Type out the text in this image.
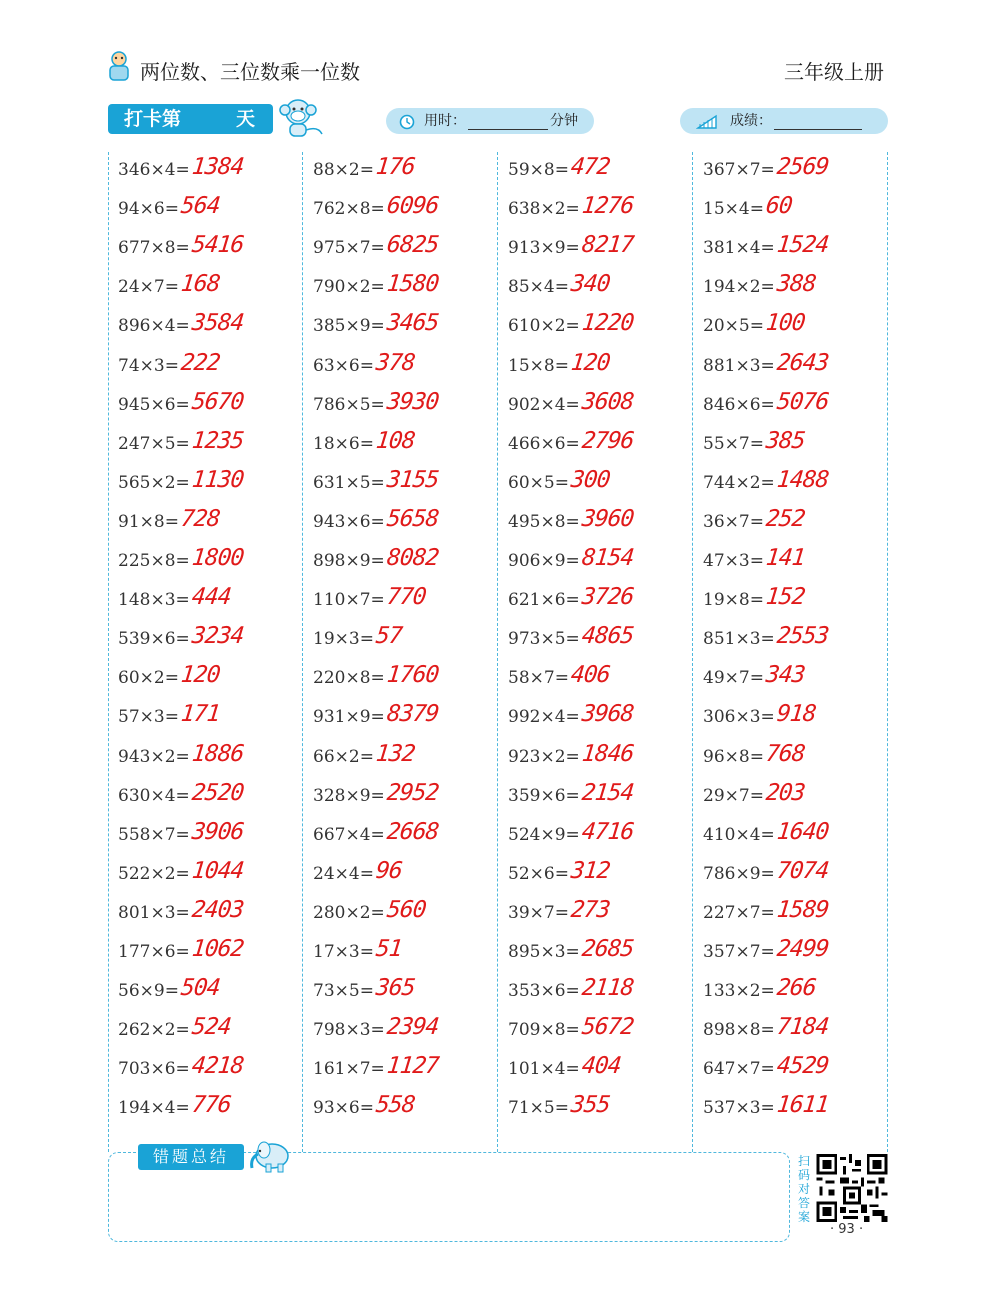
两位数、三位数乘一位数	三年级上册
打卡第	天	用时：	分钟	成绩：
346×4= 1384
94×6= 564
677×8= 5416
24×7= 168
896×4= 3584
74×3= 222
945×6= 5670
247×5= 1235
565×2= 1130
91×8= 728
225×8= 1800
148×3= 444
539×6= 3234
60×2= 120
57×3= 171
943×2= 1886
630×4= 2520
558×7= 3906
522×2= 1044
801×3= 2403
177×6= 1062
56×9= 504
262×2= 524
703×6= 4218
194×4= 776
88×2= 176
762×8= 6096
975×7= 6825
790×2= 1580
385×9= 3465
63×6= 378
786×5= 3930
18×6= 108
631×5= 3155
943×6= 5658
898×9= 8082
110×7= 770
19×3= 57
220×8= 1760
931×9= 8379
66×2= 132
328×9= 2952
667×4= 2668
24×4= 96
280×2= 560
17×3= 51
73×5= 365
798×3= 2394
161×7= 1127
93×6= 558
59×8= 472
638×2= 1276
913×9= 8217
85×4= 340
610×2= 1220
15×8= 120
902×4= 3608
466×6= 2796
60×5= 300
495×8= 3960
906×9= 8154
621×6= 3726
973×5= 4865
58×7= 406
992×4= 3968
923×2= 1846
359×6= 2154
524×9= 4716
52×6= 312
39×7= 273
895×3= 2685
353×6= 2118
709×8= 5672
101×4= 404
71×5= 355
367×7= 2569
15×4= 60
381×4= 1524
194×2= 388
20×5= 100
881×3= 2643
846×6= 5076
55×7= 385
744×2= 1488
36×7= 252
47×3= 141
19×8= 152
851×3= 2553
49×7= 343
306×3= 918
96×8= 768
29×7= 203
410×4= 1640
786×9= 7074
227×7= 1589
357×7= 2499
133×2= 266
898×8= 7184
647×7= 4529
537×3= 1611
错题总结	扫码对答案
· 93 ·
